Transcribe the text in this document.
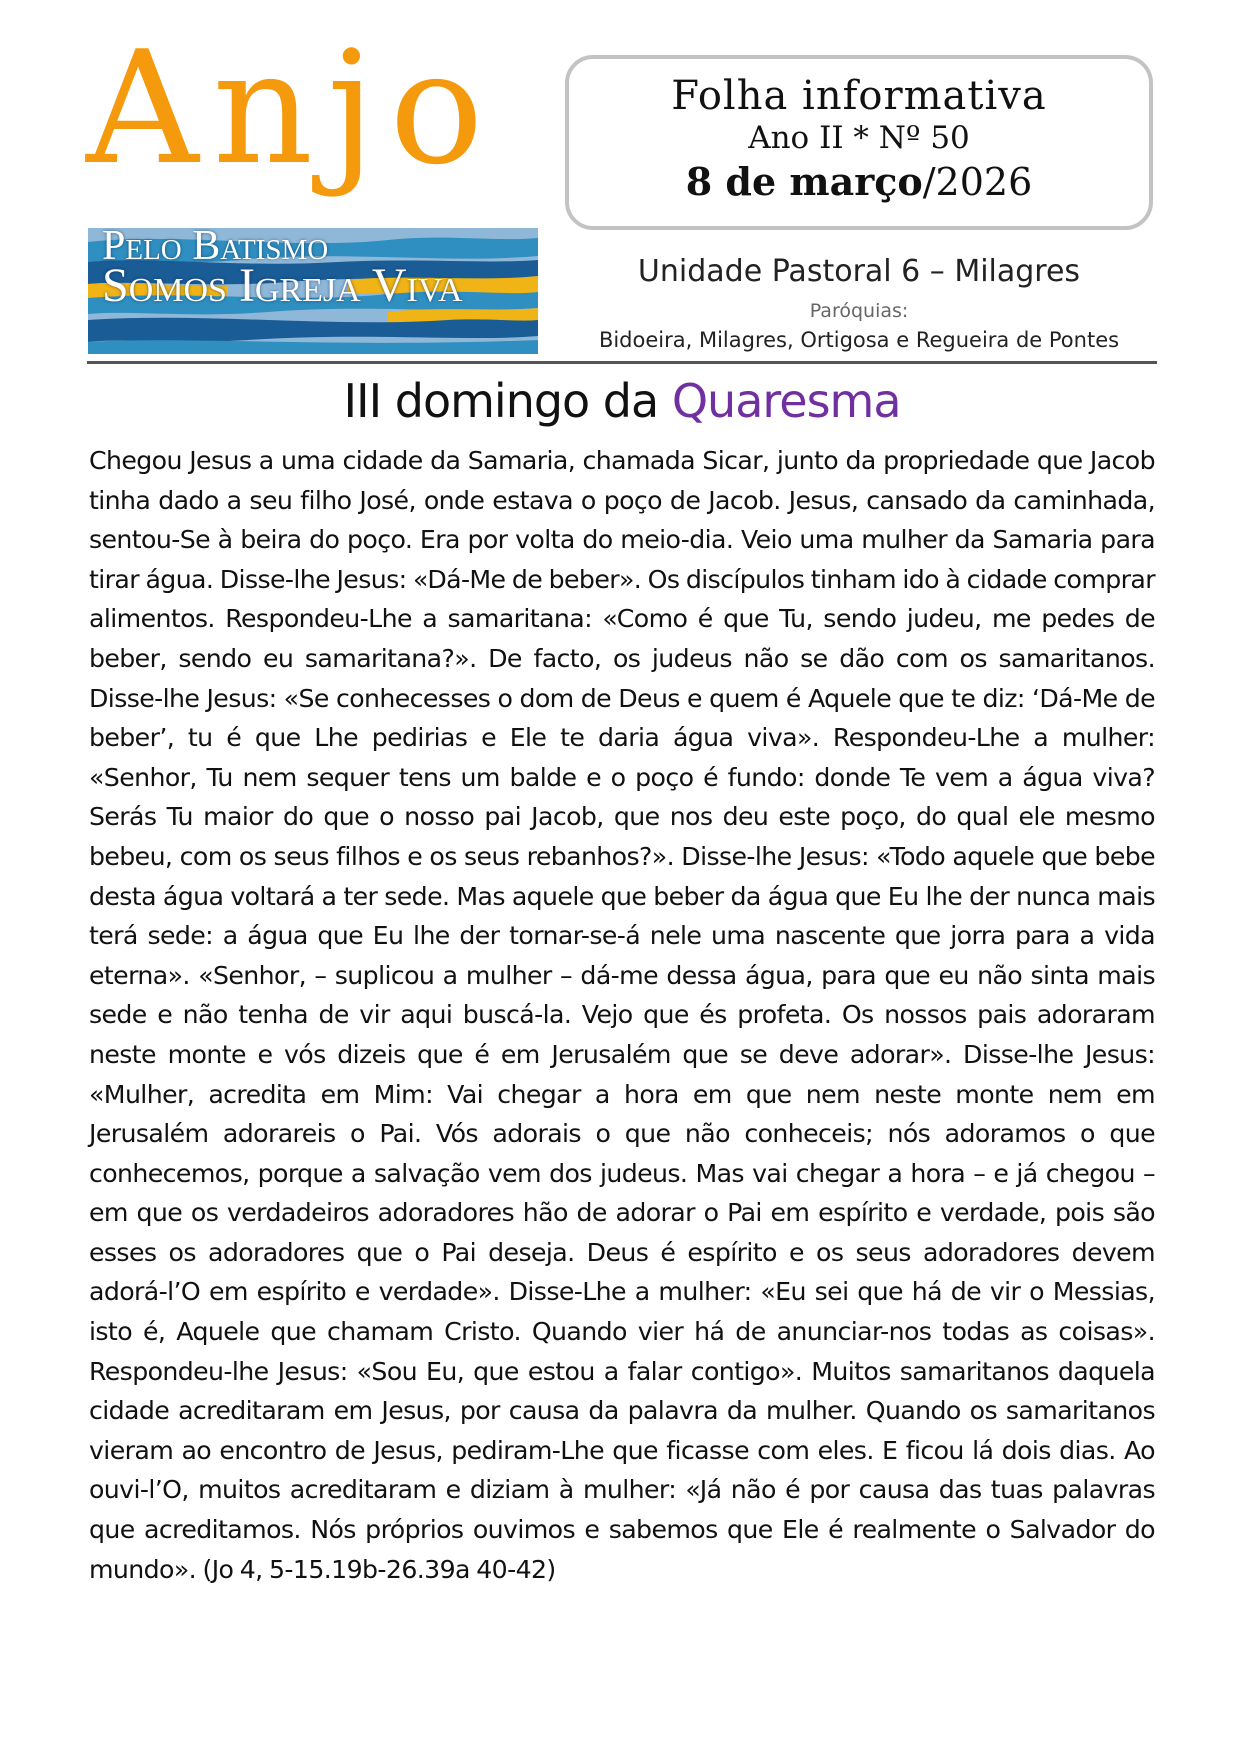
Anjo
Pelo Batismo
Somos Igreja Viva
Folha informativa
Ano II * Nº 50
8 de março/2026
Unidade Pastoral 6 – Milagres
Paróquias:
Bidoeira, Milagres, Ortigosa e Regueira de Pontes
III domingo da Quaresma

Chegou Jesus a uma cidade da Samaria, chamada Sicar, junto da propriedade que Jacob tinha dado a seu filho José, onde estava o poço de Jacob. Jesus, cansado da caminhada, sentou-Se à beira do poço. Era por volta do meio-dia. Veio uma mulher da Samaria para tirar água. Disse-lhe Jesus: «Dá-Me de beber». Os discípulos tinham ido à cidade comprar alimentos. Respondeu-Lhe a samaritana: «Como é que Tu, sendo judeu, me pedes de beber, sendo eu samaritana?». De facto, os judeus não se dão com os samaritanos. Disse-lhe Jesus: «Se conhecesses o dom de Deus e quem é Aquele que te diz: ‘Dá-Me de beber’, tu é que Lhe pedirias e Ele te daria água viva». Respondeu-Lhe a mulher: «Senhor, Tu nem sequer tens um balde e o poço é fundo: donde Te vem a água viva? Serás Tu maior do que o nosso pai Jacob, que nos deu este poço, do qual ele mesmo bebeu, com os seus filhos e os seus rebanhos?». Disse-lhe Jesus: «Todo aquele que bebe desta água voltará a ter sede. Mas aquele que beber da água que Eu lhe der nunca mais terá sede: a água que Eu lhe der tornar-se-á nele uma nascente que jorra para a vida eterna». «Senhor, – suplicou a mulher – dá-me dessa água, para que eu não sinta mais sede e não tenha de vir aqui buscá-la. Vejo que és profeta. Os nossos pais adoraram neste monte e vós dizeis que é em Jerusalém que se deve adorar». Disse-lhe Jesus: «Mulher, acredita em Mim: Vai chegar a hora em que nem neste monte nem em Jerusalém adorareis o Pai. Vós adorais o que não conheceis; nós adoramos o que conhecemos, porque a salvação vem dos judeus. Mas vai chegar a hora – e já chegou – em que os verdadeiros adoradores hão de adorar o Pai em espírito e verdade, pois são esses os adoradores que o Pai deseja. Deus é espírito e os seus adoradores devem adorá-l’O em espírito e verdade». Disse-Lhe a mulher: «Eu sei que há de vir o Messias, isto é, Aquele que chamam Cristo. Quando vier há de anunciar-nos todas as coisas». Respondeu-lhe Jesus: «Sou Eu, que estou a falar contigo». Muitos samaritanos daquela cidade acreditaram em Jesus, por causa da palavra da mulher. Quando os samaritanos vieram ao encontro de Jesus, pediram-Lhe que ficasse com eles. E ficou lá dois dias. Ao ouvi-l’O, muitos acreditaram e diziam à mulher: «Já não é por causa das tuas palavras que acreditamos. Nós próprios ouvimos e sabemos que Ele é realmente o Salvador do mundo». (Jo 4, 5-15.19b-26.39a 40-42)
